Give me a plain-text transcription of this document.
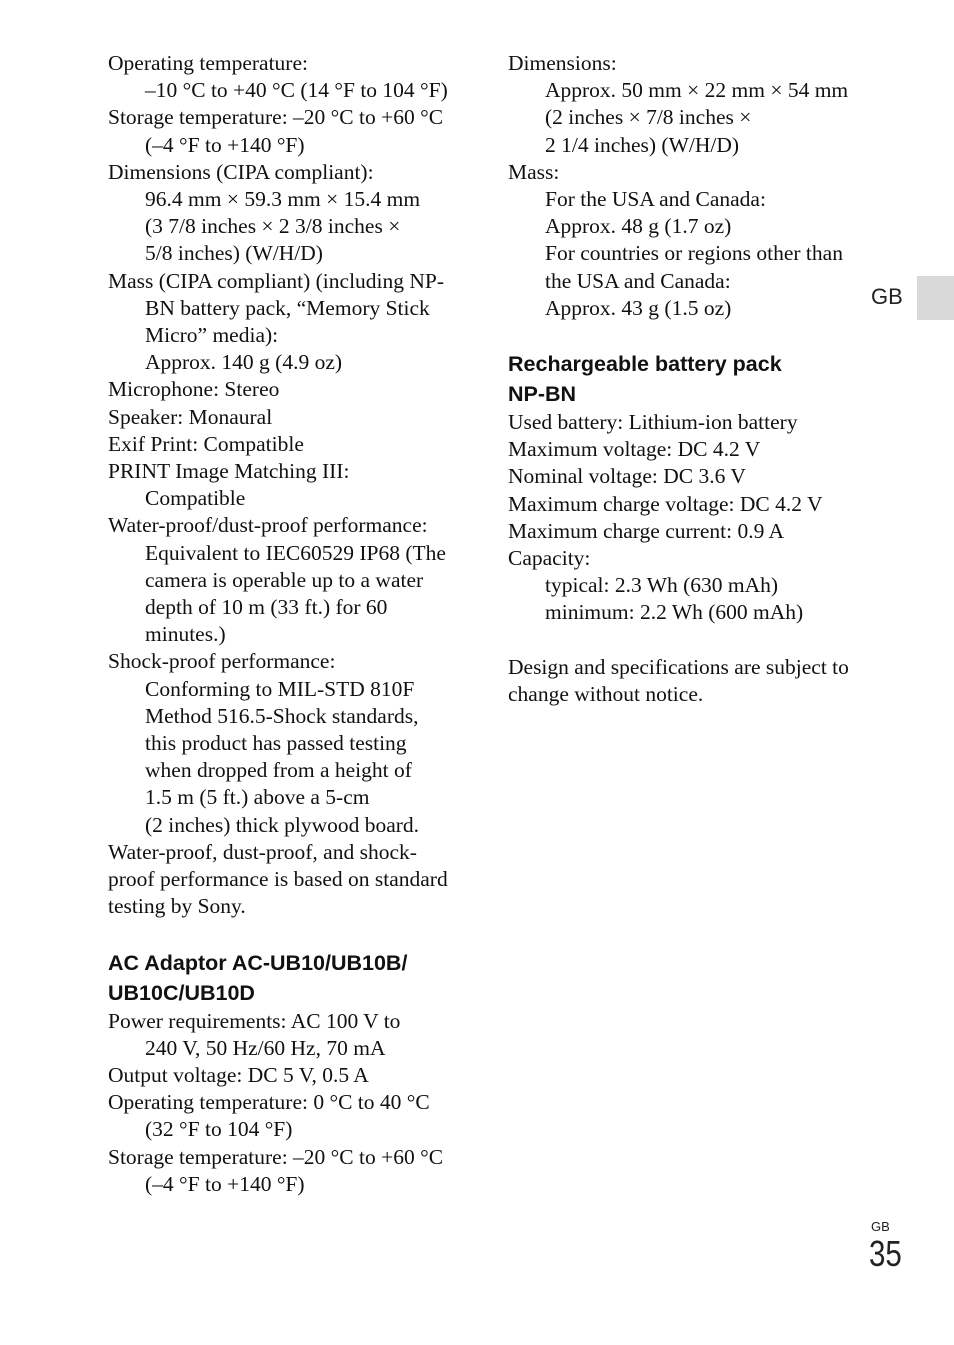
Operating temperature:
–10 °C to +40 °C (14 °F to 104 °F)
Storage temperature: –20 °C to +60 °C
(–4 °F to +140 °F)
Dimensions (CIPA compliant):
96.4 mm × 59.3 mm × 15.4 mm
(3 7/8 inches × 2 3/8 inches ×
5/8 inches) (W/H/D)
Mass (CIPA compliant) (including NP-
BN battery pack, “Memory Stick
Micro” media):
Approx. 140 g (4.9 oz)
Microphone: Stereo
Speaker: Monaural
Exif Print: Compatible
PRINT Image Matching III:
Compatible
Water-proof/dust-proof performance:
Equivalent to IEC60529 IP68 (The
camera is operable up to a water
depth of 10 m (33 ft.) for 60
minutes.)
Shock-proof performance:
Conforming to MIL-STD 810F
Method 516.5-Shock standards,
this product has passed testing
when dropped from a height of
1.5 m (5 ft.) above a 5-cm
(2 inches) thick plywood board.
Water-proof, dust-proof, and shock-
proof performance is based on standard
testing by Sony.
AC Adaptor AC-UB10/UB10B/
UB10C/UB10D
Power requirements: AC 100 V to
240 V, 50 Hz/60 Hz, 70 mA
Output voltage: DC 5 V, 0.5 A
Operating temperature: 0 °C to 40 °C
(32 °F to 104 °F)
Storage temperature: –20 °C to +60 °C
(–4 °F to +140 °F)
Dimensions:
Approx. 50 mm × 22 mm × 54 mm
(2 inches × 7/8 inches ×
2 1/4 inches) (W/H/D)
Mass:
For the USA and Canada:
Approx. 48 g (1.7 oz)
For countries or regions other than
the USA and Canada:
Approx. 43 g (1.5 oz)
Rechargeable battery pack
NP-BN
Used battery: Lithium-ion battery
Maximum voltage: DC 4.2 V
Nominal voltage: DC 3.6 V
Maximum charge voltage: DC 4.2 V
Maximum charge current: 0.9 A
Capacity:
typical: 2.3 Wh (630 mAh)
minimum: 2.2 Wh (600 mAh)
Design and specifications are subject to
change without notice.
GB
GB
35
